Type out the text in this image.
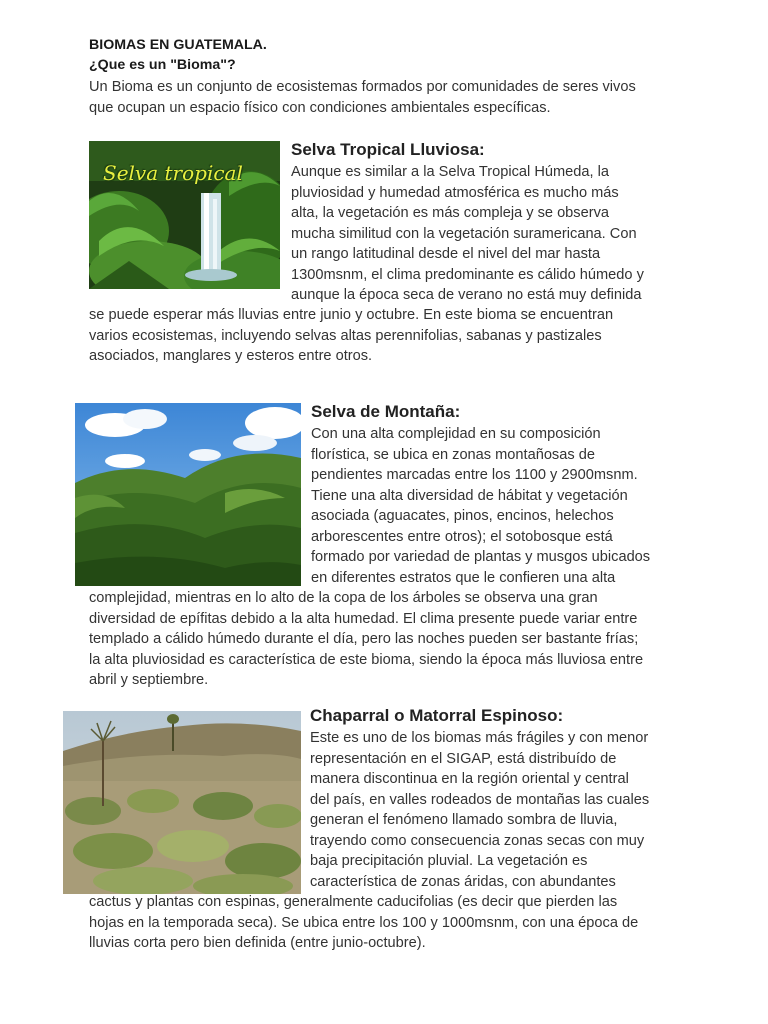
BIOMAS EN GUATEMALA.
¿Que es un "Bioma"?

Un Bioma es un conjunto de ecosistemas formados por comunidades de seres vivos

que ocupan un espacio físico con condiciones ambientales específicas.

Selva tropical
Selva Tropical Lluviosa:

Aunque es similar a la Selva Tropical Húmeda, la

pluviosidad y humedad atmosférica es mucho más

alta, la vegetación es más compleja y se observa

mucha similitud con la vegetación suramericana. Con

un rango latitudinal desde el nivel del mar hasta

1300msnm, el clima predominante es cálido húmedo y

aunque la época seca de verano no está muy definida

se puede esperar más lluvias entre junio y octubre. En este bioma se encuentran

varios ecosistemas, incluyendo selvas altas perennifolias, sabanas y pastizales

asociados, manglares y esteros entre otros.

Selva de Montaña:

Con una alta complejidad en su composición

florística, se ubica en zonas montañosas de

pendientes marcadas entre los 1100 y 2900msnm.

Tiene una alta diversidad de hábitat y vegetación

asociada (aguacates, pinos, encinos, helechos

arborescentes entre otros); el sotobosque está

formado por variedad de plantas y musgos ubicados

en diferentes estratos que le confieren una alta

complejidad, mientras en lo alto de la copa de los árboles se observa una gran

diversidad de epífitas debido a la alta humedad. El clima presente puede variar entre

templado a cálido húmedo durante el día, pero las noches pueden ser bastante frías;

la alta pluviosidad es característica de este bioma, siendo la época más lluviosa entre

abril y septiembre.

Chaparral o Matorral Espinoso:

Este es uno de los biomas más frágiles y con menor

representación en el SIGAP, está distribuído de

manera discontinua en la región oriental y central

del país, en valles rodeados de montañas las cuales

generan el fenómeno llamado sombra de lluvia,

trayendo como consecuencia zonas secas con muy

baja precipitación pluvial. La vegetación es

característica de zonas áridas, con abundantes

cactus y plantas con espinas, generalmente caducifolias (es decir que pierden las

hojas en la temporada seca). Se ubica entre los 100 y 1000msnm, con una época de

lluvias corta pero bien definida (entre junio-octubre).
